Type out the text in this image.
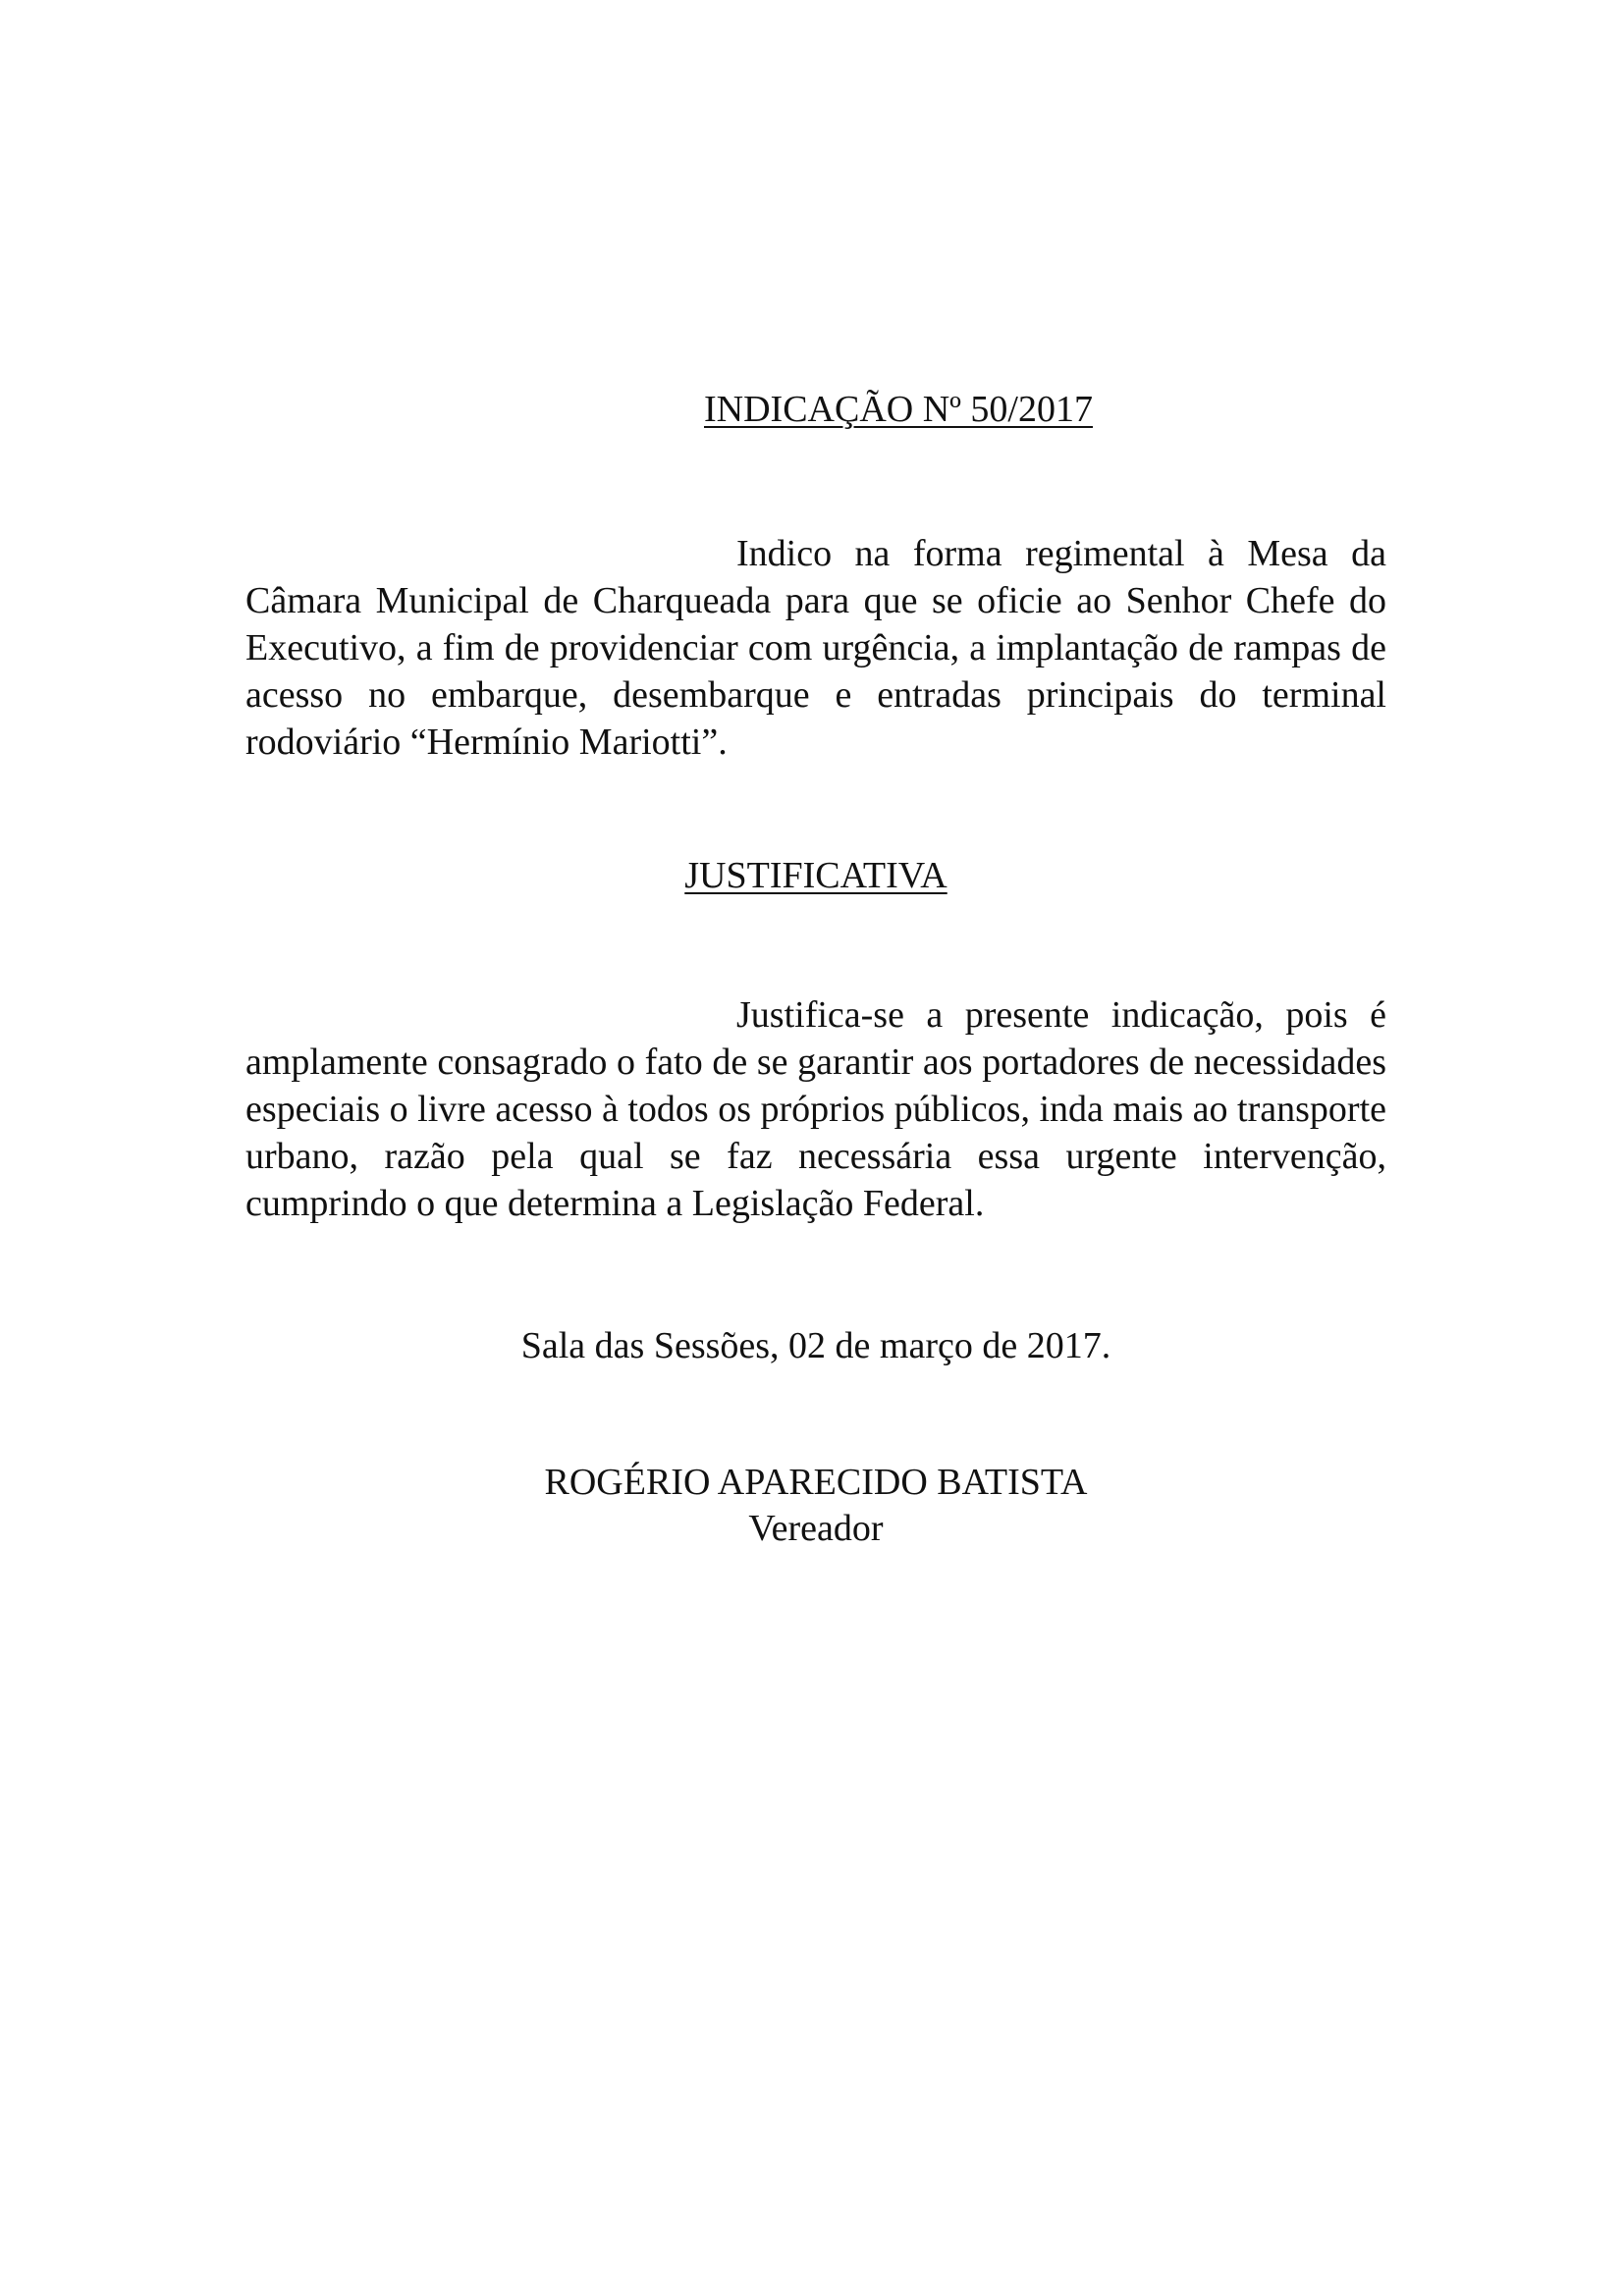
INDICAÇÃO Nº 50/2017

Indico na forma regimental à Mesa da Câmara Municipal de Charqueada para que se oficie ao Senhor Chefe do Executivo, a fim de providenciar com urgência, a implantação de rampas de acesso no embarque, desembarque e entradas principais do terminal rodoviário “Hermínio Mariotti”.

JUSTIFICATIVA

Justifica-se a presente indicação, pois é amplamente consagrado o fato de se garantir aos portadores de necessidades especiais o livre acesso à todos os próprios públicos, inda mais ao transporte urbano, razão pela qual se faz necessária essa urgente intervenção, cumprindo o que determina a Legislação Federal.

Sala das Sessões, 02 de março de 2017.
ROGÉRIO APARECIDO BATISTA
Vereador
